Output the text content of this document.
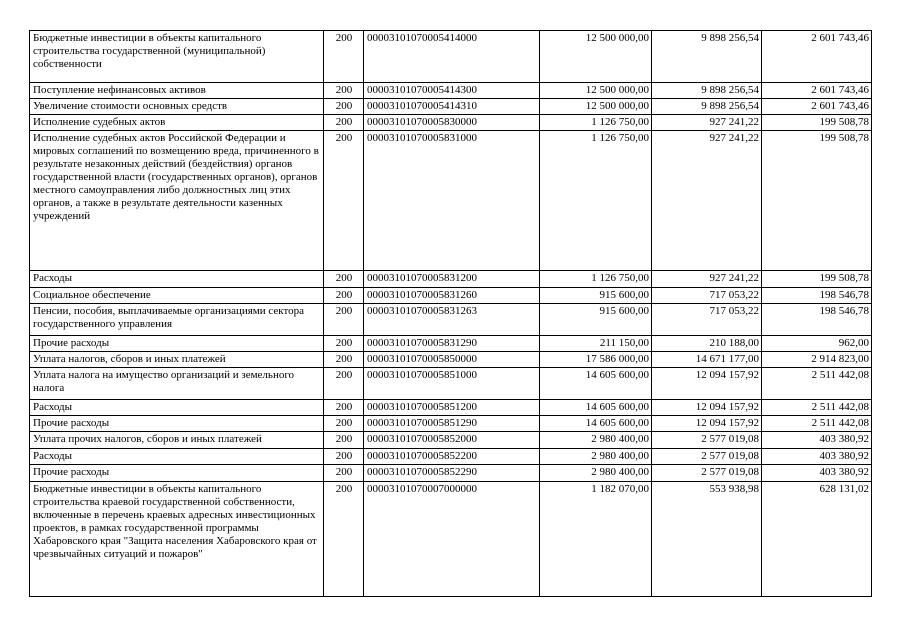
Бюджетные инвестиции в объекты капитального строительства государственной (муниципальной) собственности	200	00003101070005414000	12 500 000,00	9 898 256,54	2 601 743,46
Поступление нефинансовых активов	200	00003101070005414300	12 500 000,00	9 898 256,54	2 601 743,46
Увеличение стоимости основных средств	200	00003101070005414310	12 500 000,00	9 898 256,54	2 601 743,46
Исполнение судебных актов	200	00003101070005830000	1 126 750,00	927 241,22	199 508,78
Исполнение судебных актов Российской Федерации и мировых соглашений по возмещению вреда, причиненного в результате незаконных действий (бездействия) органов государственной власти (государственных органов), органов местного самоуправления либо должностных лиц этих органов, а также в результате деятельности казенных учреждений	200	00003101070005831000	1 126 750,00	927 241,22	199 508,78
Расходы	200	00003101070005831200	1 126 750,00	927 241,22	199 508,78
Социальное обеспечение	200	00003101070005831260	915 600,00	717 053,22	198 546,78
Пенсии, пособия, выплачиваемые организациями сектора государственного управления	200	00003101070005831263	915 600,00	717 053,22	198 546,78
Прочие расходы	200	00003101070005831290	211 150,00	210 188,00	962,00
Уплата налогов, сборов и иных платежей	200	00003101070005850000	17 586 000,00	14 671 177,00	2 914 823,00
Уплата налога на имущество организаций и земельного налога	200	00003101070005851000	14 605 600,00	12 094 157,92	2 511 442,08
Расходы	200	00003101070005851200	14 605 600,00	12 094 157,92	2 511 442,08
Прочие расходы	200	00003101070005851290	14 605 600,00	12 094 157,92	2 511 442,08
Уплата прочих налогов, сборов и иных платежей	200	00003101070005852000	2 980 400,00	2 577 019,08	403 380,92
Расходы	200	00003101070005852200	2 980 400,00	2 577 019,08	403 380,92
Прочие расходы	200	00003101070005852290	2 980 400,00	2 577 019,08	403 380,92
Бюджетные инвестиции в объекты капитального строительства краевой государственной собственности, включенные в перечень краевых адресных инвестиционных проектов, в рамках государственной программы Хабаровского края "Защита населения Хабаровского края от чрезвычайных ситуаций и пожаров"	200	00003101070007000000	1 182 070,00	553 938,98	628 131,02
